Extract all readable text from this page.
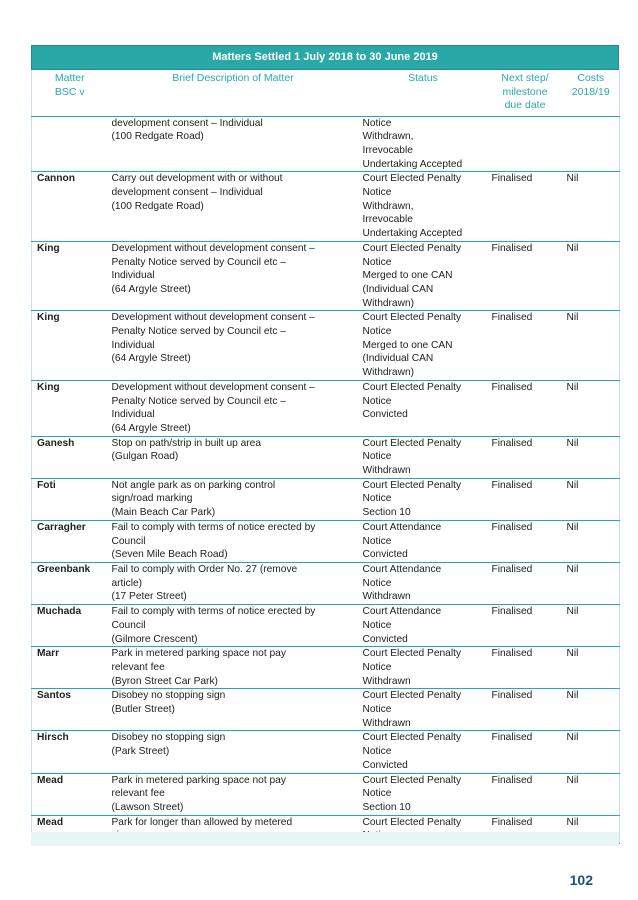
Matters Settled 1 July 2018 to 30 June 2019
Matter
BSC v	Brief Description of Matter	Status	Next step/
milestone
due date	Costs
2018/19
	development consent – Individual
(100 Redgate Road)	Notice
Withdrawn,
Irrevocable
Undertaking Accepted		
Cannon	Carry out development with or without
development consent – Individual
(100 Redgate Road)	Court Elected Penalty
Notice
Withdrawn,
Irrevocable
Undertaking Accepted	Finalised	Nil
King	Development without development consent –
Penalty Notice served by Council etc –
Individual
(64 Argyle Street)	Court Elected Penalty
Notice
Merged to one CAN
(Individual CAN
Withdrawn)	Finalised	Nil
King	Development without development consent –
Penalty Notice served by Council etc –
Individual
(64 Argyle Street)	Court Elected Penalty
Notice
Merged to one CAN
(Individual CAN
Withdrawn)	Finalised	Nil
King	Development without development consent –
Penalty Notice served by Council etc –
Individual
(64 Argyle Street)	Court Elected Penalty
Notice
Convicted	Finalised	Nil
Ganesh	Stop on path/strip in built up area
(Gulgan Road)	Court Elected Penalty
Notice
Withdrawn	Finalised	Nil
Foti	Not angle park as on parking control
sign/road marking
(Main Beach Car Park)	Court Elected Penalty
Notice
Section 10	Finalised	Nil
Carragher	Fail to comply with terms of notice erected by
Council
(Seven Mile Beach Road)	Court Attendance
Notice
Convicted	Finalised	Nil
Greenbank	Fail to comply with Order No. 27 (remove
article)
(17 Peter Street)	Court Attendance
Notice
Withdrawn	Finalised	Nil
Muchada	Fail to comply with terms of notice erected by
Council
(Gilmore Crescent)	Court Attendance
Notice
Convicted	Finalised	Nil
Marr	Park in metered parking space not pay
relevant fee
(Byron Street Car Park)	Court Elected Penalty
Notice
Withdrawn	Finalised	Nil
Santos	Disobey no stopping sign
(Butler Street)	Court Elected Penalty
Notice
Withdrawn	Finalised	Nil
Hirsch	Disobey no stopping sign
(Park Street)	Court Elected Penalty
Notice
Convicted	Finalised	Nil
Mead	Park in metered parking space not pay
relevant fee
(Lawson Street)	Court Elected Penalty
Notice
Section 10	Finalised	Nil
Mead	Park for longer than allowed by metered	Court Elected Penalty	Finalised	Nil
102
